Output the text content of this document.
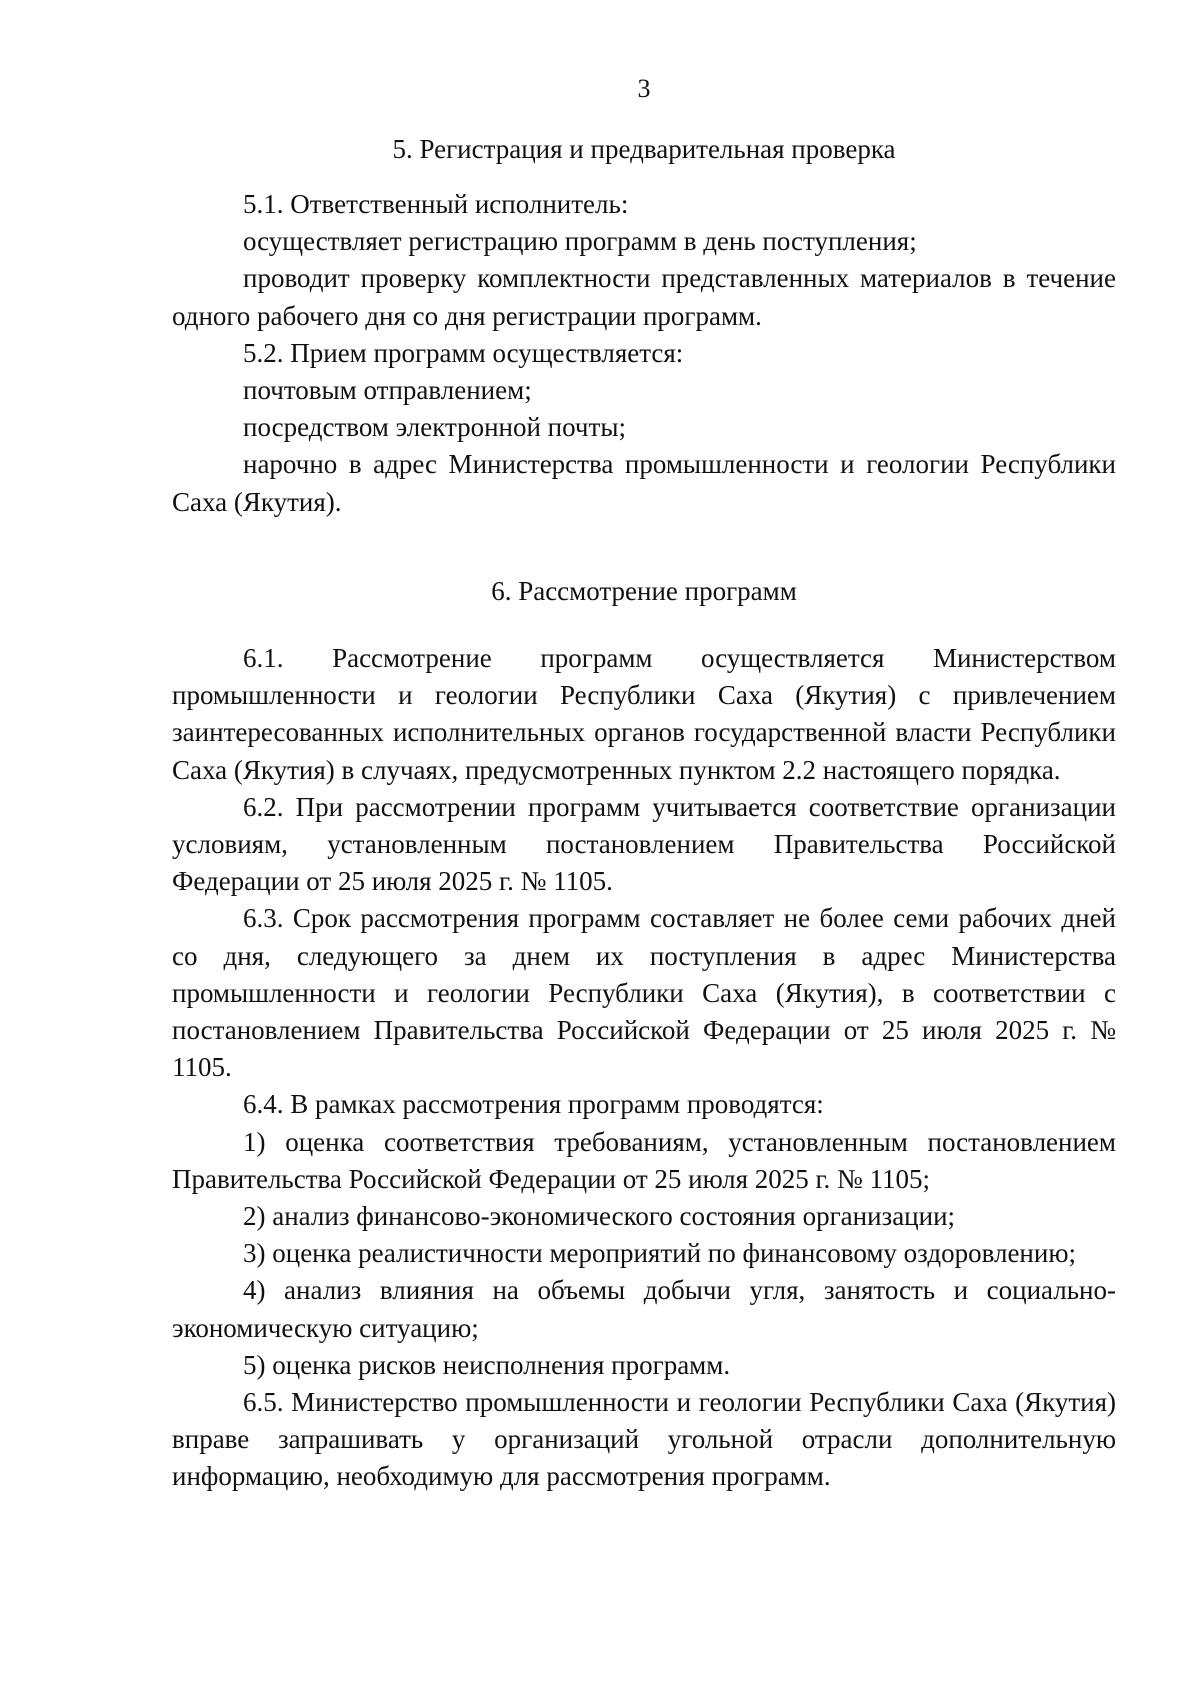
3
5. Регистрация и предварительная проверка

5.1. Ответственный исполнитель:

осуществляет регистрацию программ в день поступления;

проводит проверку комплектности представленных материалов в течение одного рабочего дня со дня регистрации программ.

5.2. Прием программ осуществляется:

почтовым отправлением;

посредством электронной почты;

нарочно в адрес Министерства промышленности и геологии Республики Саха (Якутия).

6. Рассмотрение программ

6.1. Рассмотрение программ осуществляется Министерством промышленности и геологии Республики Саха (Якутия) с привлечением заинтересованных исполнительных органов государственной власти Республики Саха (Якутия) в случаях, предусмотренных пунктом 2.2 настоящего порядка.

6.2. При рассмотрении программ учитывается соответствие организации условиям, установленным постановлением Правительства Российской Федерации от 25 июля 2025 г. № 1105.

6.3. Срок рассмотрения программ составляет не более семи рабочих дней со дня, следующего за днем их поступления в адрес Министерства промышленности и геологии Республики Саха (Якутия), в соответствии с постановлением Правительства Российской Федерации от 25 июля 2025 г. № 1105.

6.4. В рамках рассмотрения программ проводятся:

1) оценка соответствия требованиям, установленным постановлением Правительства Российской Федерации от 25 июля 2025 г. № 1105;

2) анализ финансово-экономического состояния организации;

3) оценка реалистичности мероприятий по финансовому оздоровлению;

4) анализ влияния на объемы добычи угля, занятость и социально-экономическую ситуацию;

5) оценка рисков неисполнения программ.

6.5. Министерство промышленности и геологии Республики Саха (Якутия) вправе запрашивать у организаций угольной отрасли дополнительную информацию, необходимую для рассмотрения программ.
